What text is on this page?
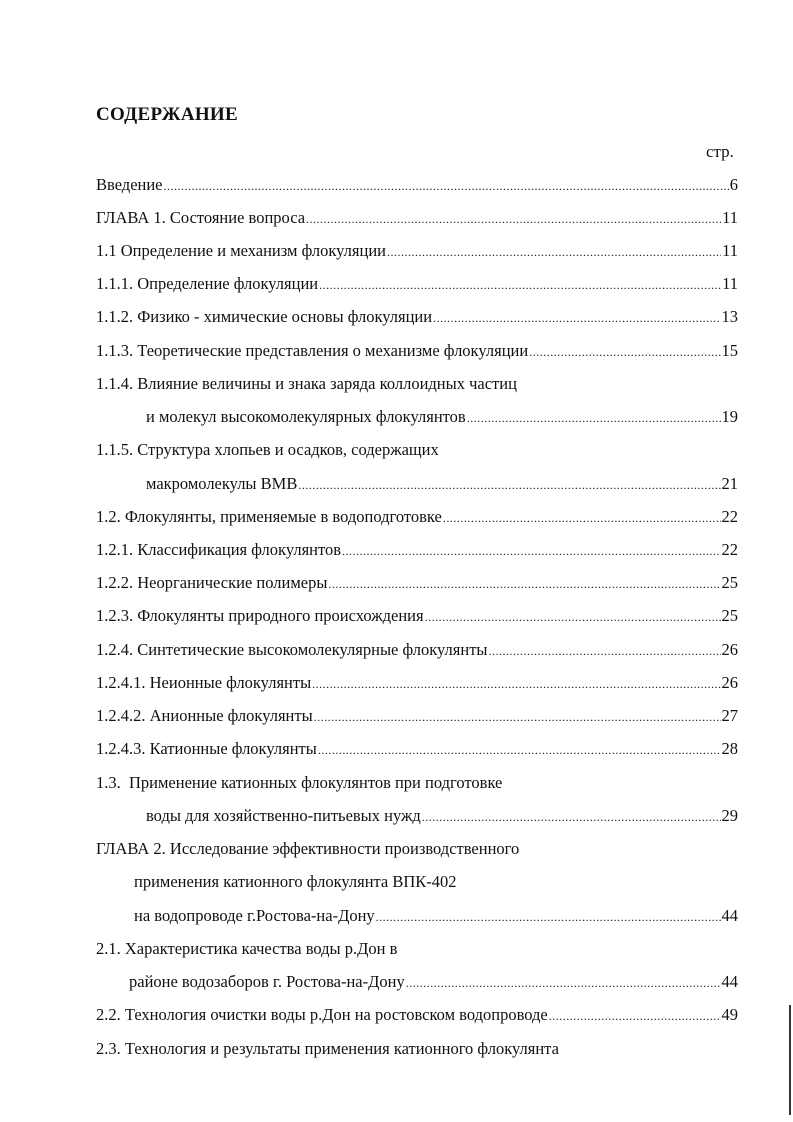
СОДЕРЖАНИЕ
стр.
Введение .....	6
ГЛАВА 1. Состояние вопроса .....	11
1.1 Определение и механизм флокуляции .....	11
1.1.1. Определение флокуляции .....	11
1.1.2. Физико - химические основы флокуляции .....	13
1.1.3. Теоретические представления о механизме флокуляции .....	15
1.1.4. Влияние величины и знака заряда коллоидных частиц
и молекул высокомолекулярных флокулянтов .....	19
1.1.5. Структура хлопьев и осадков, содержащих
макромолекулы ВМВ .....	21
1.2. Флокулянты, применяемые в водоподготовке .....	22
1.2.1. Классификация флокулянтов .....	22
1.2.2. Неорганические полимеры .....	25
1.2.3. Флокулянты природного происхождения .....	25
1.2.4. Синтетические высокомолекулярные флокулянты .....	26
1.2.4.1. Неионные флокулянты .....	26
1.2.4.2. Анионные флокулянты .....	27
1.2.4.3. Катионные флокулянты .....	28
1.3.  Применение катионных флокулянтов при подготовке
воды для хозяйственно-питьевых нужд .....	29
ГЛАВА 2. Исследование эффективности производственного
применения катионного флокулянта ВПК-402
на водопроводе г.Ростова-на-Дону .....	44
2.1. Характеристика качества воды р.Дон в
районе водозаборов г. Ростова-на-Дону .....	44
2.2. Технология очистки воды р.Дон на ростовском водопроводе .....	49
2.3. Технология и результаты применения катионного флокулянта
